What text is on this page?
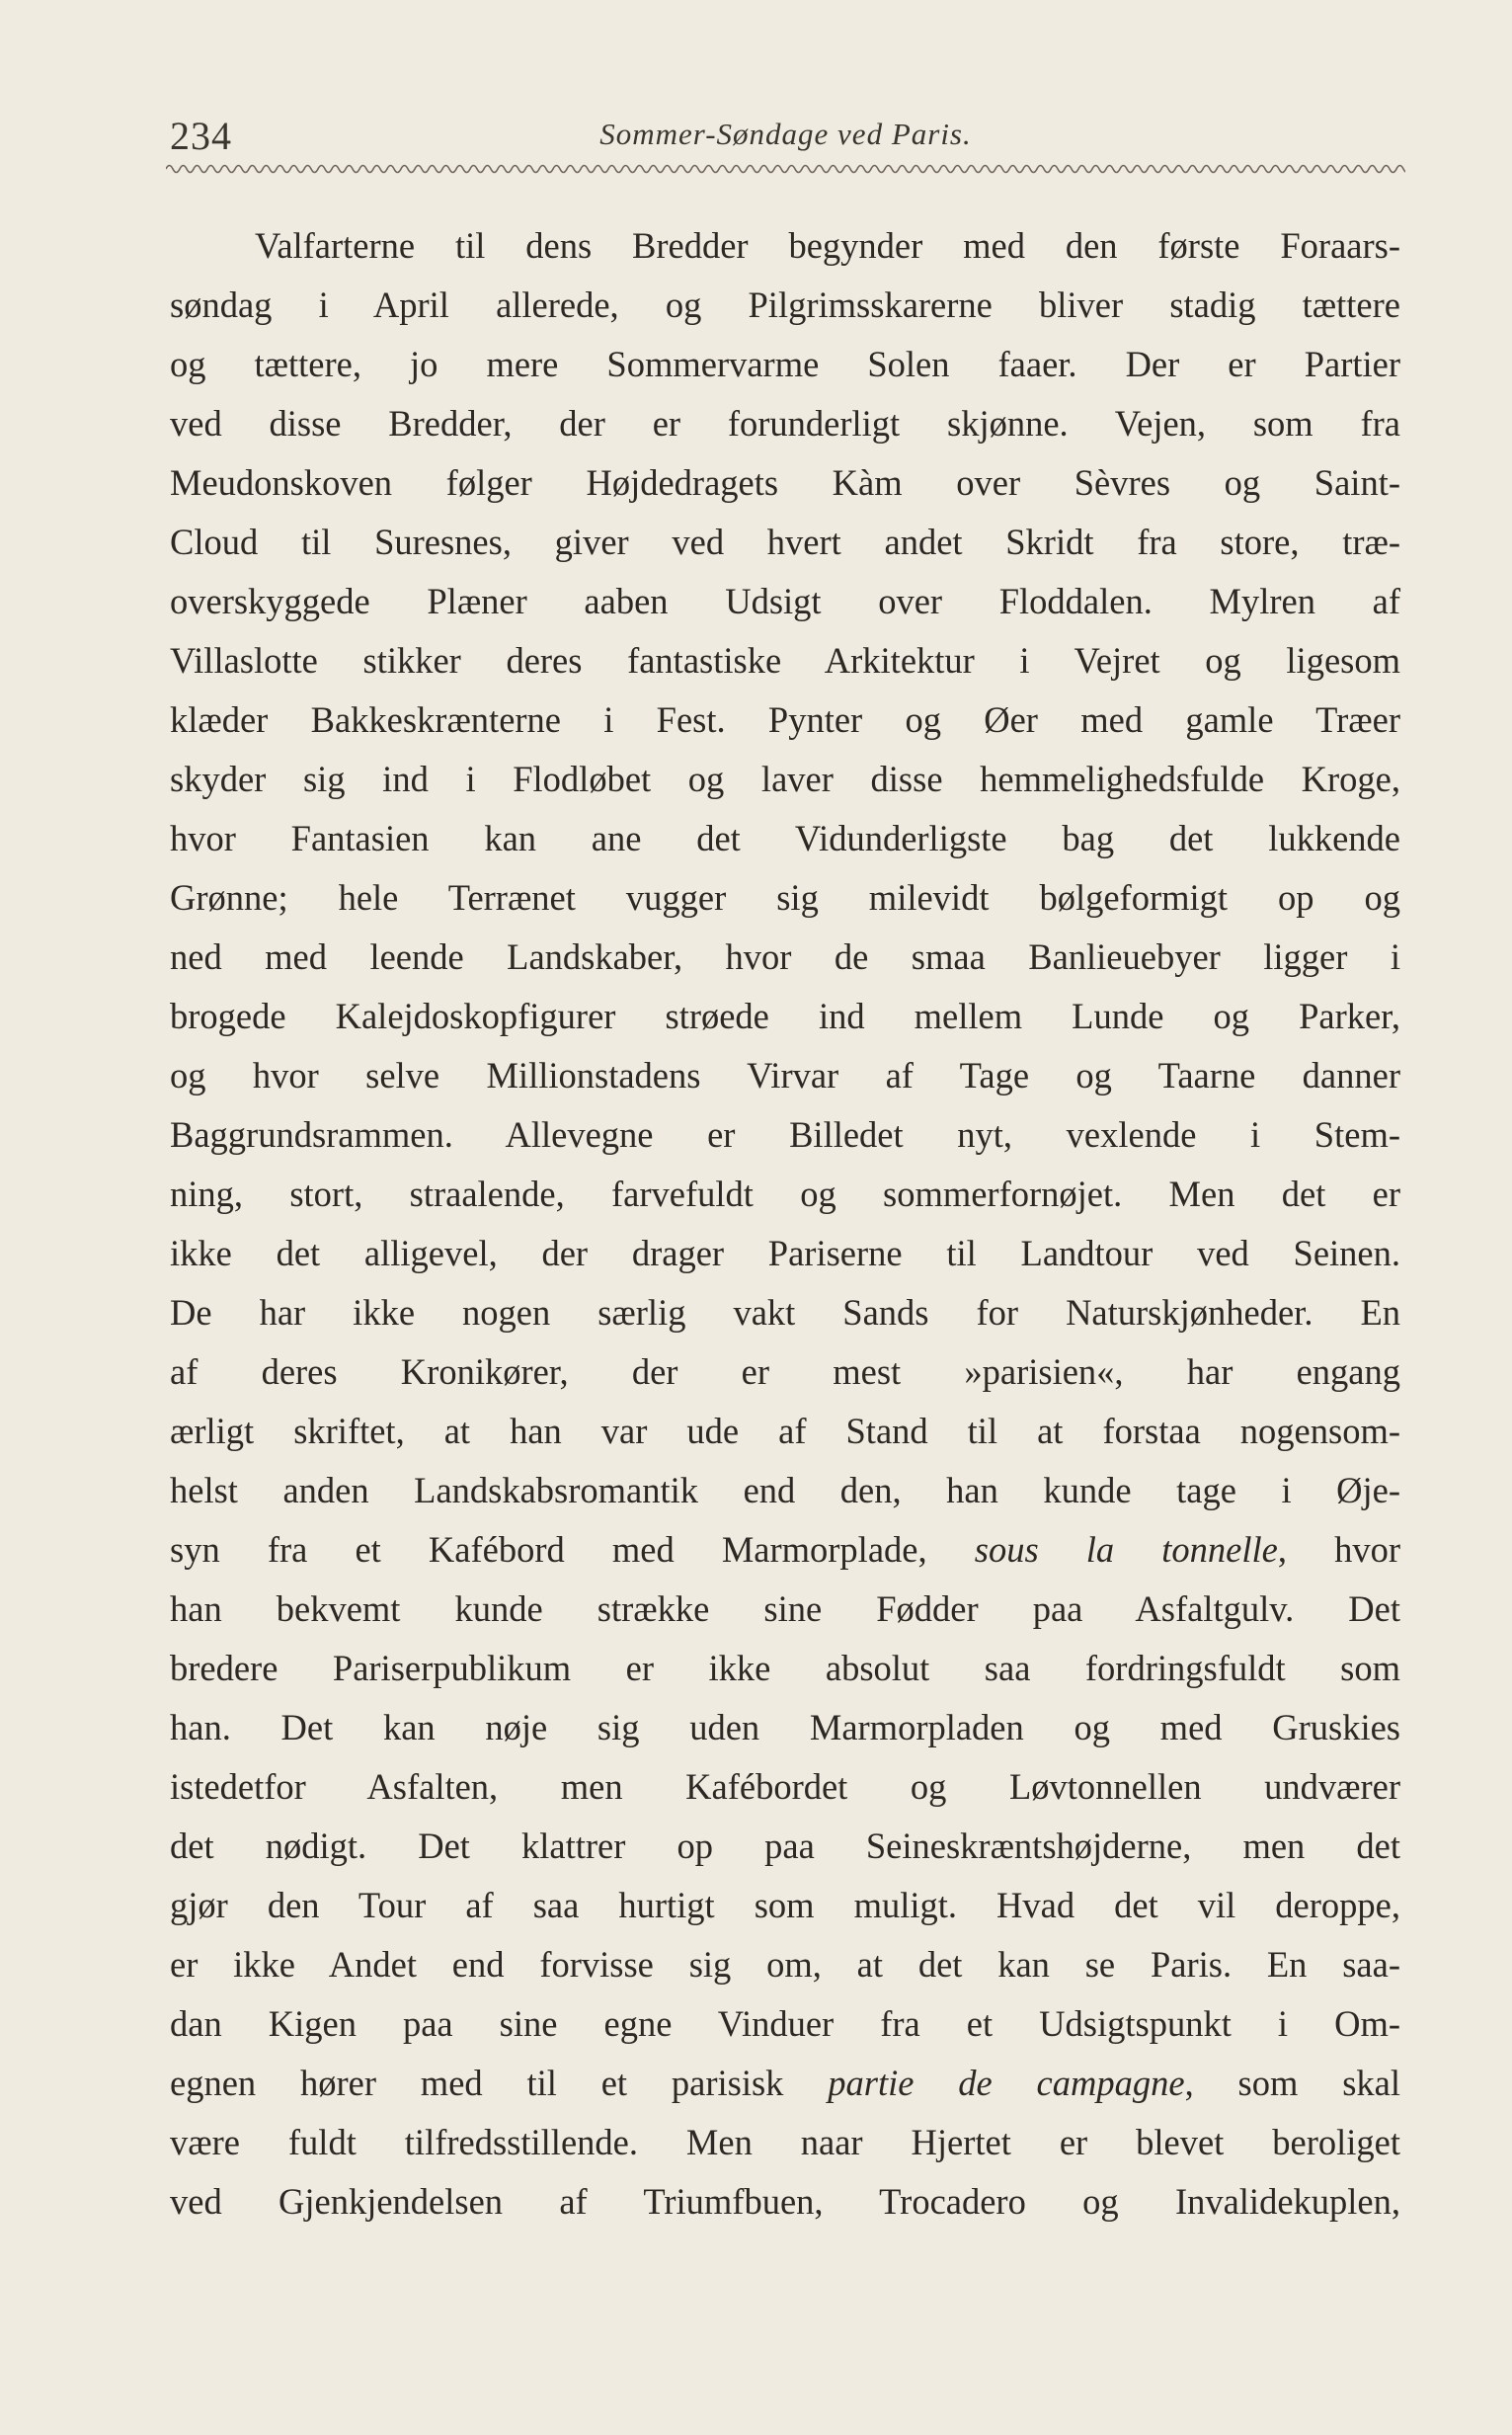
234	Sommer-Søndage ved Paris.
Valfarterne til dens Bredder begynder med den første Foraars-
søndag i April allerede, og Pilgrimsskarerne bliver stadig tættere
og tættere, jo mere Sommervarme Solen faaer. Der er Partier
ved disse Bredder, der er forunderligt skjønne. Vejen, som fra
Meudonskoven følger Højdedragets Kàm over Sèvres og Saint-
Cloud til Suresnes, giver ved hvert andet Skridt fra store, træ-
overskyggede Plæner aaben Udsigt over Floddalen. Mylren af
Villaslotte stikker deres fantastiske Arkitektur i Vejret og ligesom
klæder Bakkeskrænterne i Fest. Pynter og Øer med gamle Træer
skyder sig ind i Flodløbet og laver disse hemmelighedsfulde Kroge,
hvor Fantasien kan ane det Vidunderligste bag det lukkende
Grønne; hele Terrænet vugger sig milevidt bølgeformigt op og
ned med leende Landskaber, hvor de smaa Banlieuebyer ligger i
brogede Kalejdoskopfigurer strøede ind mellem Lunde og Parker,
og hvor selve Millionstadens Virvar af Tage og Taarne danner
Baggrundsrammen. Allevegne er Billedet nyt, vexlende i Stem-
ning, stort, straalende, farvefuldt og sommerfornøjet. Men det er
ikke det alligevel, der drager Pariserne til Landtour ved Seinen.
De har ikke nogen særlig vakt Sands for Naturskjønheder. En
af deres Kronikører, der er mest »parisien«, har engang
ærligt skriftet, at han var ude af Stand til at forstaa nogensom-
helst anden Landskabsromantik end den, han kunde tage i Øje-
syn fra et Kafébord med Marmorplade, sous la tonnelle, hvor
han bekvemt kunde strække sine Fødder paa Asfaltgulv. Det
bredere Pariserpublikum er ikke absolut saa fordringsfuldt som
han. Det kan nøje sig uden Marmorpladen og med Gruskies
istedetfor Asfalten, men Kafébordet og Løvtonnellen undværer
det nødigt. Det klattrer op paa Seineskræntshøjderne, men det
gjør den Tour af saa hurtigt som muligt. Hvad det vil deroppe,
er ikke Andet end forvisse sig om, at det kan se Paris. En saa-
dan Kigen paa sine egne Vinduer fra et Udsigtspunkt i Om-
egnen hører med til et parisisk partie de campagne, som skal
være fuldt tilfredsstillende. Men naar Hjertet er blevet beroliget
ved Gjenkjendelsen af Triumfbuen, Trocadero og Invalidekuplen,
